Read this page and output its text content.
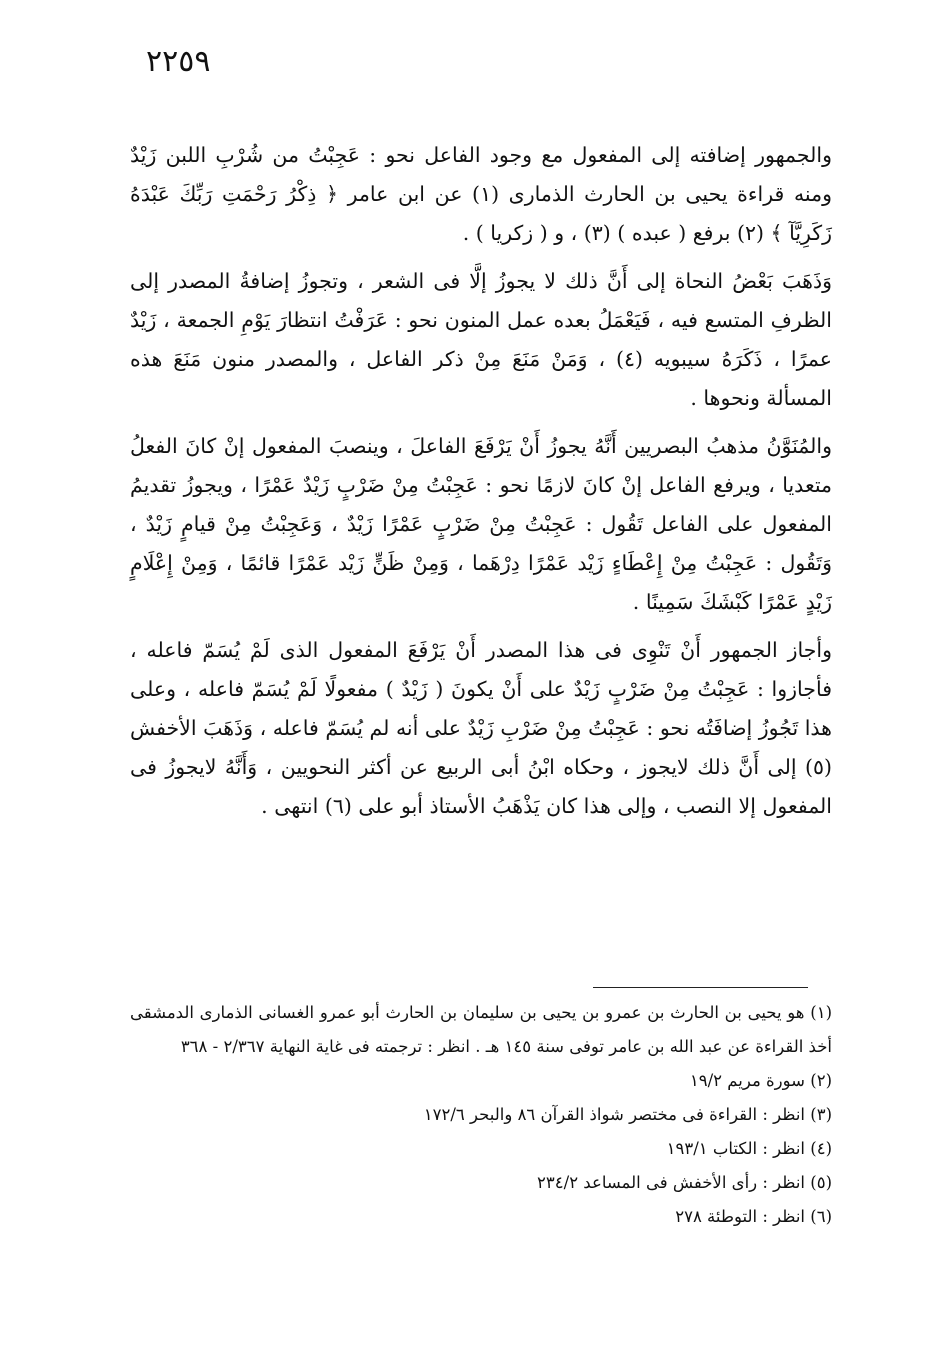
٢٢٥٩

والجمهور إضافته إلى المفعول مع وجود الفاعل نحو : عَجِبْتُ من شُرْبِ اللبن زَيْدٌ ومنه قراءة يحيى بن الحارث الذمارى (١) عن ابن عامر ﴿ ذِكْرُ رَحْمَتِ رَبِّكَ عَبْدَهُ زَكَرِيَّآ ﴾ (٢) برفع ( عبده ) (٣) ، و ( زكريا ) .

وَذَهَبَ بَعْضُ النحاة إلى أَنَّ ذلك لا يجوزُ إلَّا فى الشعر ، وتجوزُ إضافةُ المصدر إلى الظرفِ المتسع فيه ، فَيَعْمَلُ بعده عمل المنون نحو : عَرَفْتُ انتظارَ يَوْمِ الجمعة ، زَيْدٌ عمرًا ، ذَكَرَهُ سيبويه (٤) ، وَمَنْ مَنَعَ مِنْ ذكر الفاعل ، والمصدر منون مَنَعَ هذه المسألة ونحوها .

والمُنَوَّنُ مذهبُ البصريين أَنَّهُ يجوزُ أَنْ يَرْفَعَ الفاعلَ ، وينصبَ المفعول إنْ كانَ الفعلُ متعديا ، ويرفع الفاعل إنْ كانَ لازمًا نحو : عَجِبْتُ مِنْ ضَرْبٍ زَيْدٌ عَمْرًا ، ويجوزُ تقديمُ المفعول على الفاعل تَقُول : عَجِبْتُ مِنْ ضَرْبٍ عَمْرًا زَيْدٌ ، وَعَجِبْتُ مِنْ قيامٍ زَيْدٌ ، وَتَقُول : عَجِبْتُ مِنْ إِعْطَاءٍ زَيْد عَمْرًا دِرْهَما ، وَمِنْ ظَنٍّ زَيْد عَمْرًا قائمًا ، وَمِنْ إِعْلَامٍ زَيْدٍ عَمْرًا كَبْشَكَ سَمِينًا .

وأجاز الجمهور أَنْ تَنْوِى فى هذا المصدر أَنْ يَرْفَعَ المفعول الذى لَمْ يُسَمّ فاعله ، فأجازوا : عَجِبْتُ مِنْ ضَرْبٍ زَيْدٌ على أَنْ يكونَ ( زَيْدٌ ) مفعولًا لَمْ يُسَمّ فاعله ، وعلى هذا تَجُوزُ إضافَتُه نحو : عَجِبْتُ مِنْ ضَرْبِ زَيْدٌ على أنه لم يُسَمّ فاعله ، وَذَهَبَ الأخفش (٥) إلى أَنَّ ذلك لايجوز ، وحكاه ابْنُ أبى الربيع عن أكثر النحويين ، وَأَنَّهُ لايجوزُ فى المفعول إلا النصب ، وإلى هذا كان يَذْهَبُ الأستاذ أبو على (٦) انتهى .

(١) هو يحيى بن الحارث بن عمرو بن يحيى بن سليمان بن الحارث أبو عمرو الغسانى الذمارى الدمشقى أخذ القراءة عن عبد الله بن عامر توفى سنة ١٤٥ هـ . انظر : ترجمته فى غاية النهاية ٢/٣٦٧ - ٣٦٨

(٢) سورة مريم ١٩/٢

(٣) انظر : القراءة فى مختصر شواذ القرآن ٨٦ والبحر ١٧٢/٦

(٤) انظر : الكتاب ١٩٣/١

(٥) انظر : رأى الأخفش فى المساعد ٢٣٤/٢

(٦) انظر : التوطئة ٢٧٨
